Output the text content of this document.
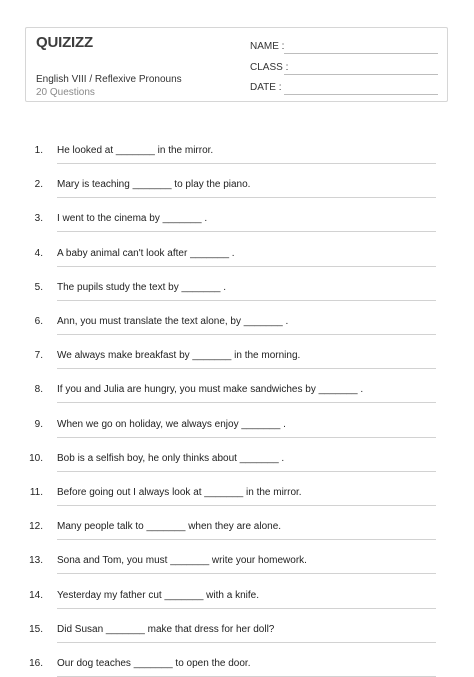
QUIZIZZ
English VIII / Reflexive Pronouns
20 Questions
NAME :
CLASS :
DATE :
1. He looked at _______ in the mirror.
2. Mary is teaching _______ to play the piano.
3. I went to the cinema by _______ .
4. A baby animal can't look after _______ .
5. The pupils study the text by _______ .
6. Ann, you must translate the text alone, by _______ .
7. We always make breakfast by _______ in the morning.
8. If you and Julia are hungry, you must make sandwiches by _______ .
9. When we go on holiday, we always enjoy _______ .
10. Bob is a selfish boy, he only thinks about _______ .
11. Before going out I always look at _______ in the mirror.
12. Many people talk to _______ when they are alone.
13. Sona and Tom, you must _______ write your homework.
14. Yesterday my father cut _______ with a knife.
15. Did Susan _______ make that dress for her doll?
16. Our dog teaches _______ to open the door.
